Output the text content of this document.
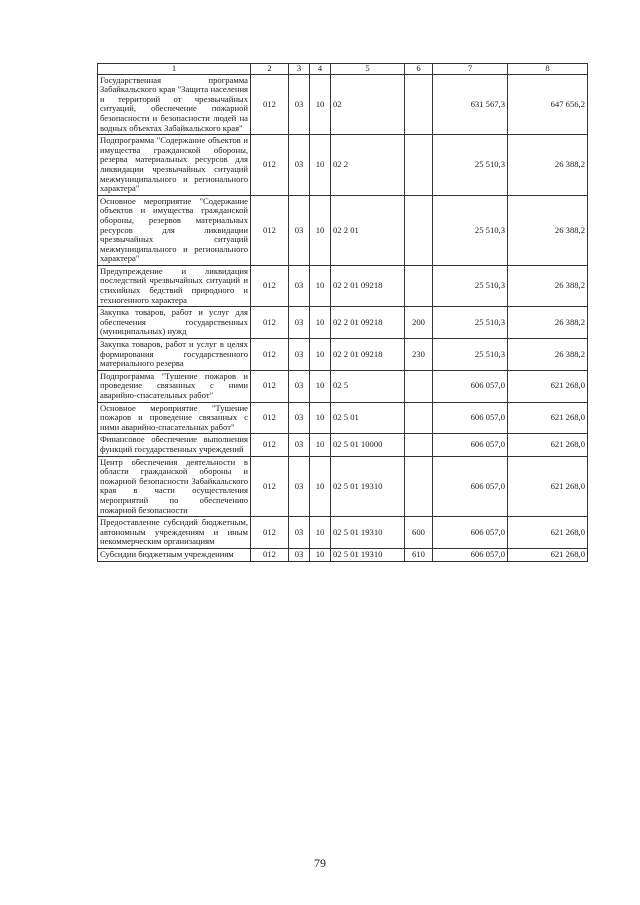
1	2	3	4	5	6	7	8
Государственная программа Забайкальского края "Защита населения и территорий от чрезвычайных ситуаций, обеспечение пожарной безопасности и безопасности людей на водных объектах Забайкальского края"	012	03	10	02		631 567,3	647 656,2
Подпрограмма "Содержание объектов и имущества гражданской обороны, резерва материальных ресурсов для ликвидации чрезвычайных ситуаций межмуниципального и регионального характера"	012	03	10	02 2		25 510,3	26 388,2
Основное мероприятие "Содержание объектов и имущества гражданской обороны, резервов материальных ресурсов для ликвидации чрезвычайных ситуаций межмуниципального и регионального характера"	012	03	10	02 2 01		25 510,3	26 388,2
Предупреждение и ликвидация последствий чрезвычайных ситуаций и стихийных бедствий природного и техногенного характера	012	03	10	02 2 01 09218		25 510,3	26 388,2
Закупка товаров, работ и услуг для обеспечения государственных (муниципальных) нужд	012	03	10	02 2 01 09218	200	25 510,3	26 388,2
Закупка товаров, работ и услуг в целях формирования государственного материального резерва	012	03	10	02 2 01 09218	230	25 510,3	26 388,2
Подпрограмма "Тушение пожаров и проведение связанных с ними аварийно-спасательных работ"	012	03	10	02 5		606 057,0	621 268,0
Основное мероприятие "Тушение пожаров и проведение связанных с ними аварийно-спасательных работ"	012	03	10	02 5 01		606 057,0	621 268,0
Финансовое обеспечение выполнения функций государственных учреждений	012	03	10	02 5 01 10000		606 057,0	621 268,0
Центр обеспечения деятельности в области гражданской обороны и пожарной безопасности Забайкальского края в части осуществления мероприятий по обеспечению пожарной безопасности	012	03	10	02 5 01 19310		606 057,0	621 268,0
Предоставление субсидий бюджетным, автономным учреждениям и иным некоммерческим организациям	012	03	10	02 5 01 19310	600	606 057,0	621 268,0
Субсидии бюджетным учреждениям	012	03	10	02 5 01 19310	610	606 057,0	621 268,0
79
